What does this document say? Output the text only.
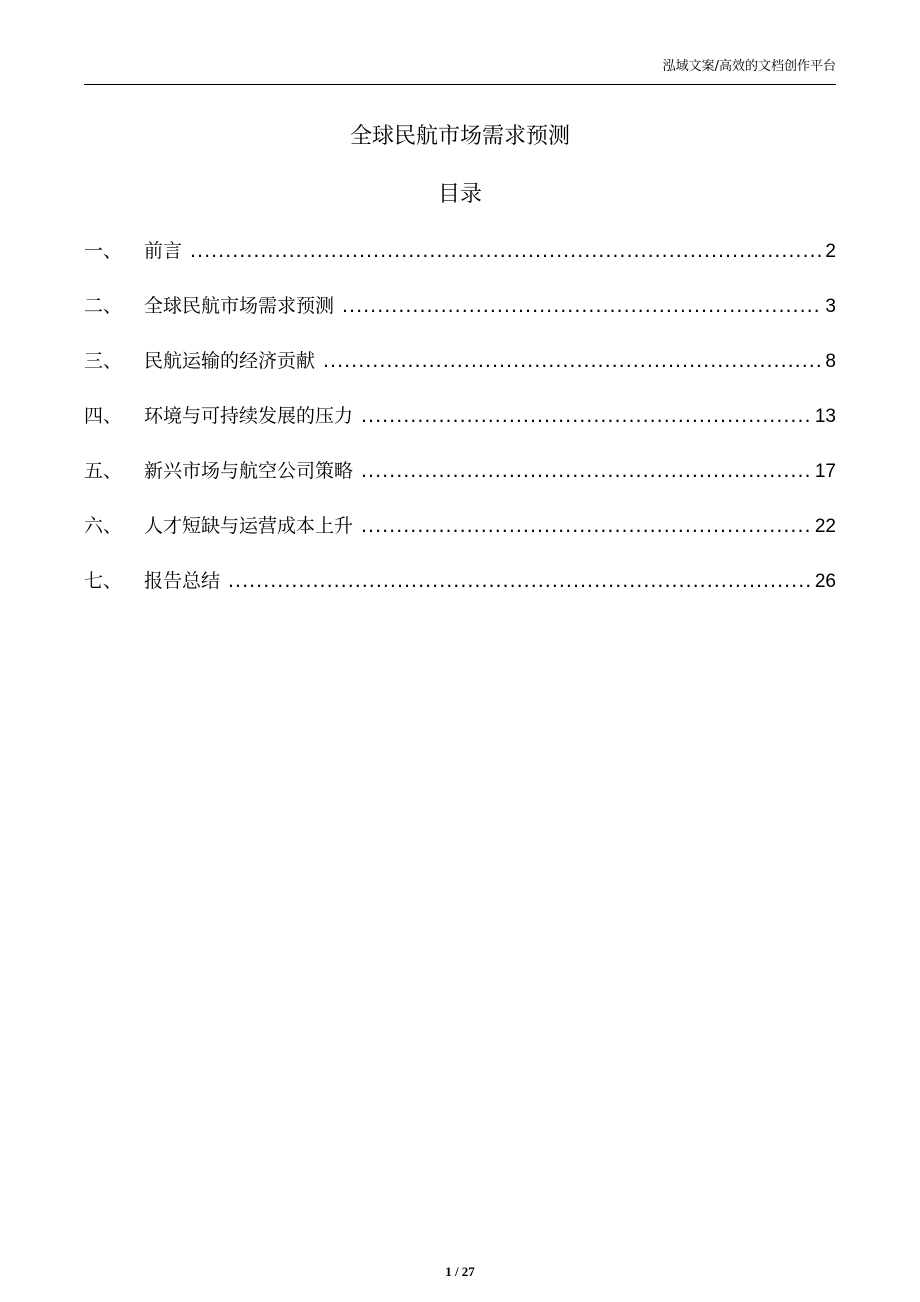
泓域文案/高效的文档创作平台
全球民航市场需求预测
目录
一、	前言 .....	2
二、	全球民航市场需求预测 .....	3
三、	民航运输的经济贡献 .....	8
四、	环境与可持续发展的压力 .....	13
五、	新兴市场与航空公司策略 .....	17
六、	人才短缺与运营成本上升 .....	22
七、	报告总结 .....	26
1 / 27
